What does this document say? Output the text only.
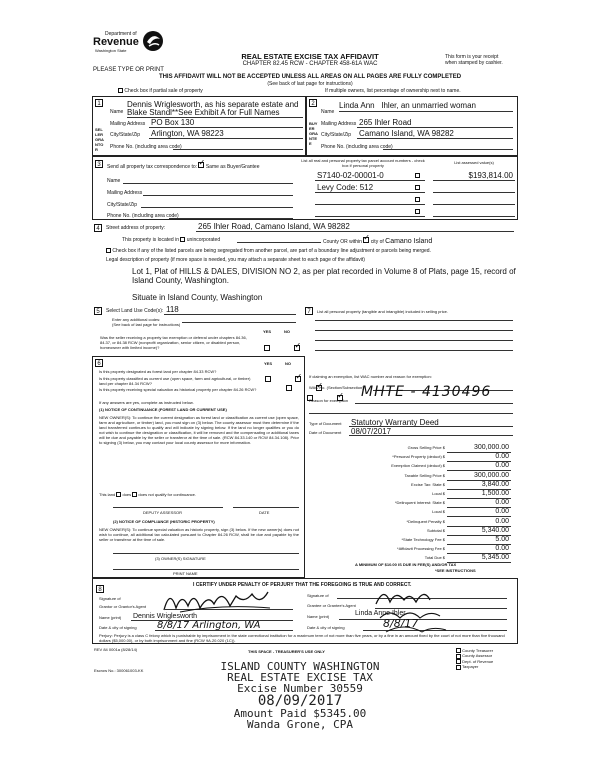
Department of
Revenue
Washington State
PLEASE TYPE OR PRINT
REAL ESTATE EXCISE TAX AFFIDAVIT
CHAPTER 82.45 RCW - CHAPTER 458-61A WAC
This form is your receipt
when stamped by cashier.
THIS AFFIDAVIT WILL NOT BE ACCEPTED UNLESS ALL AREAS ON ALL PAGES ARE FULLY COMPLETED
(See back of last page for instructions)
Check box if partial sale of property	If multiple owners, list percentage of ownership next to name.
1
SELLER GRANTOR
Name
Dennis Wriglesworth, as his separate estate and
Blake Standl**See Exhibit A for Full Names
Mailing Address PO Box 130
City/State/Zip Arlington, WA 98223
Phone No. (including area code)
2
BUYER GRANTEE
Name
Linda Ann   Ihler, an unmarried woman
Mailing Address 265 Ihler Road
City/State/Zip Camano Island, WA 98282
Phone No. (including area code)
3	Send all property tax correspondence to: ✓ Same as Buyer/Grantee
Name
Mailing Address
City/State/Zip
Phone No. (including area code)
List all real and personal property tax parcel account numbers - check box if personal property
List assessed value(s)
S7140-02-00001-0	$193,814.00
Levy Code: 512
4	Street address of property:	265 Ihler Road, Camano Island, WA 98282
This property is located in unincorporated	County OR within ✓ city of Camano Island
Check box if any of the listed parcels are being segregated from another parcel, are part of a boundary line adjustment or parcels being merged.
Legal description of property (if more space is needed, you may attach a separate sheet to each page of the affidavit)
Lot 1, Plat of HILLS & DALES, DIVISION NO 2, as per plat recorded in Volume 8 of Plats, page 15, record of
Island County, Washington.
Situate in Island County, Washington
5	Select Land Use Code(s): 118
Enter any additional codes:
(See back of last page for instructions)
YES	NO
Was the seller receiving a property tax exemption or deferral under chapters 84.36, 84.37, or 84.38 RCW (nonprofit organization, senior citizen, or disabled person, homeowner with limited income)?
✓
6	YES	NO
Is this property designated as forest land per chapter 84.33 RCW?
✓
Is this property classified as current use (open space, farm and agricultural, or timber) land per chapter 84.34 RCW?
✓
Is this property receiving special valuation as historical property per chapter 84.26 RCW?
✓
If any answers are yes, complete as instructed below.
(1) NOTICE OF CONTINUANCE (FOREST LAND OR CURRENT USE)
NEW OWNER(S): To continue the current designation as forest land or classification as current use (open space, farm and agriculture, or timber) land, you must sign on (3) below. The county assessor must then determine if the land transferred continues to qualify and will indicate by signing below. If the land no longer qualifies or you do not wish to continue the designation or classification, it will be removed and the compensating or additional taxes will be due and payable by the seller or transferor at the time of sale. (RCW 84.33.140 or RCW 84.34.108). Prior to signing (3) below, you may contact your local county assessor for more information.
This land does does not qualify for continuance.
DEPUTY ASSESSOR	DATE
(2) NOTICE OF COMPLIANCE (HISTORIC PROPERTY)
NEW OWNER(S): To continue special valuation as historic property, sign (3) below. If the new owner(s) does not wish to continue, all additional tax calculated pursuant to Chapter 84.26 RCW, shall be due and payable by the seller or transferor at the time of sale.
(3) OWNER(S) SIGNATURE
PRINT NAME
7	List all personal property (tangible and intangible) included in selling price.
If claiming an exemption, list WAC number and reason for exemption:
WAC No. (Section/Subsection)
Reason for exemption
MHTE - 4130496
Type of Document Statutory Warranty Deed
Date of Document 08/07/2017
Gross Selling Price $	300,000.00
*Personal Property (deduct) $	0.00
Exemption Claimed (deduct) $	0.00
Taxable Selling Price $	300,000.00
Excise Tax: State $	3,840.00
Local $	1,500.00
*Delinquent Interest: State $	0.00
Local $	0.00
*Delinquent Penalty $	0.00
Subtotal $	5,340.00
*State Technology Fee $	5.00
*Affidavit Processing Fee $	0.00
Total Due $	5,345.00
A MINIMUM OF $10.00 IS DUE IN FEE(S) AND/OR TAX
*SEE INSTRUCTIONS
8
I CERTIFY UNDER PENALTY OF PERJURY THAT THE FOREGOING IS TRUE AND CORRECT.
Signature of
Grantor or Grantor's Agent
Name (print) Dennis Wriglesworth
Date & city of signing 8/8/17 Arlington, WA
Signature of
Grantee or Grantee's Agent
Name (print)	Linda Anne Ihler
Date & city of signing	8/8/17
Perjury: Perjury is a class C felony which is punishable by imprisonment in the state correctional institution for a maximum term of not more than five years, or by a fine in an amount fixed by the court of not more than five thousand dollars ($5,000.00), or by both imprisonment and fine (RCW 9A.20.020 (1C)).
REV 84 0001a (8/28/14)	THIS SPACE - TREASURER'S USE ONLY
Escrow No.: 300061003-KK
County Treasurer
County Assessor
Dept. of Revenue
Taxpayer
ISLAND COUNTY WASHINGTON
REAL ESTATE EXCISE TAX
Excise Number 30559
08/09/2017
Amount Paid $5345.00
Wanda Grone, CPA
